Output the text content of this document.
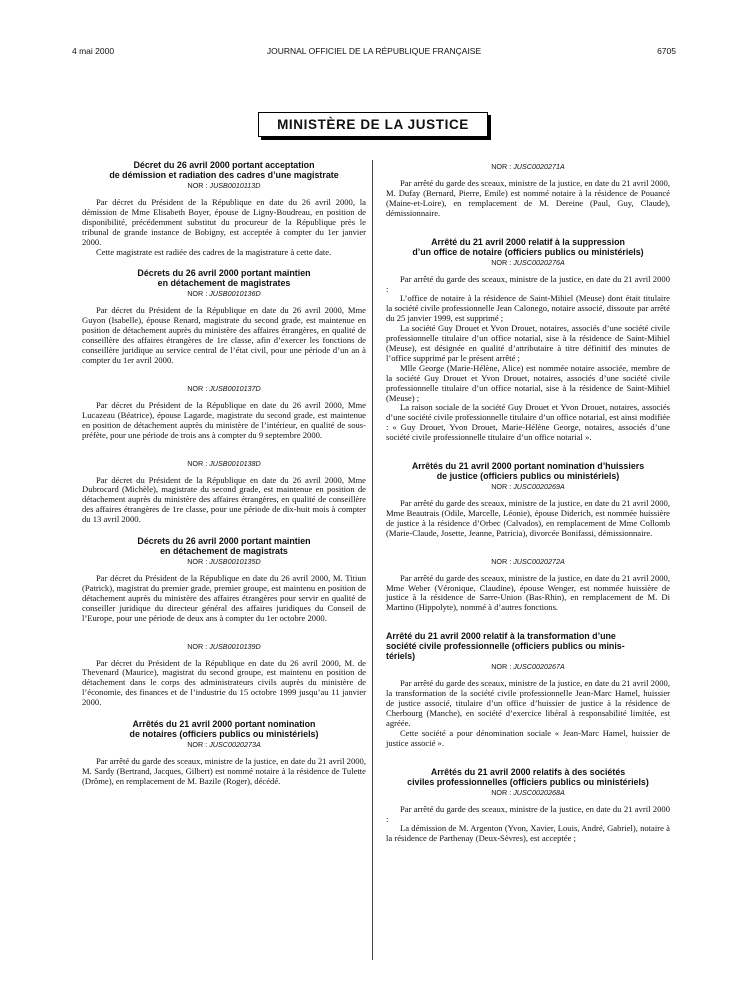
4 mai 2000	JOURNAL OFFICIEL DE LA RÉPUBLIQUE FRANÇAISE	6705
MINISTÈRE DE LA JUSTICE
Décret du 26 avril 2000 portant acceptation
de démission et radiation des cadres d’une magistrate
NOR : JUSB0010113D

Par décret du Président de la République en date du 26 avril 2000, la démission de Mme Elisabeth Boyer, épouse de Ligny-Boudreau, en position de disponibilité, précédemment substitut du procureur de la République près le tribunal de grande instance de Bobigny, est acceptée à compter du 1er janvier 2000.

Cette magistrate est radiée des cadres de la magistrature à cette date.

Décrets du 26 avril 2000 portant maintien
en détachement de magistrates
NOR : JUSB0010136D

Par décret du Président de la République en date du 26 avril 2000, Mme Guyon (Isabelle), épouse Renard, magistrate du second grade, est maintenue en position de détachement auprès du ministère des affaires étrangères, en qualité de conseillère des affaires étrangères de 1re classe, afin d’exercer les fonctions de conseillère juridique au service central de l’état civil, pour une période d’un an à compter du 1er avril 2000.

NOR : JUSB0010137D

Par décret du Président de la République en date du 26 avril 2000, Mme Lucazeau (Béatrice), épouse Lagarde, magistrate du second grade, est maintenue en position de détachement auprès du ministère de l’intérieur, en qualité de sous-préfète, pour une période de trois ans à compter du 9 septembre 2000.

NOR : JUSB0010138D

Par décret du Président de la République en date du 26 avril 2000, Mme Dubrocard (Michèle), magistrate du second grade, est maintenue en position de détachement auprès du ministère des affaires étrangères, en qualité de conseillère des affaires étrangères de 1re classe, pour une période de dix-huit mois à compter du 13 avril 2000.

Décrets du 26 avril 2000 portant maintien
en détachement de magistrats
NOR : JUSB0010135D

Par décret du Président de la République en date du 26 avril 2000, M. Titiun (Patrick), magistrat du premier grade, premier groupe, est maintenu en position de détachement auprès du ministère des affaires étrangères pour servir en qualité de conseiller juridique du directeur général des affaires juridiques du Conseil de l’Europe, pour une période de deux ans à compter du 1er octobre 2000.

NOR : JUSB0010139D

Par décret du Président de la République en date du 26 avril 2000, M. de Thevenard (Maurice), magistrat du second groupe, est maintenu en position de détachement dans le corps des administrateurs civils auprès du ministère de l’économie, des finances et de l’industrie du 15 octobre 1999 jusqu’au 11 janvier 2000.

Arrêtés du 21 avril 2000 portant nomination
de notaires (officiers publics ou ministériels)
NOR : JUSC0020273A

Par arrêté du garde des sceaux, ministre de la justice, en date du 21 avril 2000, M. Sardy (Bertrand, Jacques, Gilbert) est nommé notaire à la résidence de Tulette (Drôme), en remplacement de M. Bazile (Roger), décédé.

NOR : JUSC0020271A

Par arrêté du garde des sceaux, ministre de la justice, en date du 21 avril 2000, M. Dufay (Bernard, Pierre, Emile) est nommé notaire à la résidence de Pouancé (Maine-et-Loire), en remplacement de M. Dereine (Paul, Guy, Claude), démissionnaire.

Arrêté du 21 avril 2000 relatif à la suppression
d’un office de notaire (officiers publics ou ministériels)
NOR : JUSC0020276A

Par arrêté du garde des sceaux, ministre de la justice, en date du 21 avril 2000 :

L’office de notaire à la résidence de Saint-Mihiel (Meuse) dont était titulaire la société civile professionnelle Jean Calonego, notaire associé, dissoute par arrêté du 25 janvier 1999, est supprimé ;

La société Guy Drouet et Yvon Drouet, notaires, associés d’une société civile professionnelle titulaire d’un office notarial, sise à la résidence de Saint-Mihiel (Meuse), est désignée en qualité d’attributaire à titre définitif des minutes de l’office supprimé par le présent arrêté ;

Mlle George (Marie-Hélène, Alice) est nommée notaire associée, membre de la société Guy Drouet et Yvon Drouet, notaires, associés d’une société civile professionnelle titulaire d’un office notarial, sise à la résidence de Saint-Mihiel (Meuse) ;

La raison sociale de la société Guy Drouet et Yvon Drouet, notaires, associés d’une société civile professionnelle titulaire d’un office notarial, est ainsi modifiée : « Guy Drouet, Yvon Drouet, Marie-Hélène George, notaires, associés d’une société civile professionnelle titulaire d’un office notarial ».

Arrêtés du 21 avril 2000 portant nomination d’huissiers
de justice (officiers publics ou ministériels)
NOR : JUSC0020269A

Par arrêté du garde des sceaux, ministre de la justice, en date du 21 avril 2000, Mme Beautrais (Odile, Marcelle, Léonie), épouse Diderich, est nommée huissière de justice à la résidence d’Orbec (Calvados), en remplacement de Mme Collomb (Marie-Claude, Josette, Jeanne, Patricia), divorcée Bonifassi, démissionnaire.

NOR : JUSC0020272A

Par arrêté du garde des sceaux, ministre de la justice, en date du 21 avril 2000, Mme Weber (Véronique, Claudine), épouse Wenger, est nommée huissière de justice à la résidence de Sarre-Union (Bas-Rhin), en remplacement de M. Di Martino (Hippolyte), nommé à d’autres fonctions.

Arrêté du 21 avril 2000 relatif à la transformation d’une
société civile professionnelle (officiers publics ou minis-
tériels)
NOR : JUSC0020267A

Par arrêté du garde des sceaux, ministre de la justice, en date du 21 avril 2000, la transformation de la société civile professionnelle Jean-Marc Hamel, huissier de justice associé, titulaire d’un office d’huissier de justice à la résidence de Cherbourg (Manche), en société d’exercice libéral à responsabilité limitée, est agréée.

Cette société a pour dénomination sociale « Jean-Marc Hamel, huissier de justice associé ».

Arrêtés du 21 avril 2000 relatifs à des sociétés
civiles professionnelles (officiers publics ou ministériels)
NOR : JUSC0020268A

Par arrêté du garde des sceaux, ministre de la justice, en date du 21 avril 2000 :

La démission de M. Argenton (Yvon, Xavier, Louis, André, Gabriel), notaire à la résidence de Parthenay (Deux-Sèvres), est acceptée ;
